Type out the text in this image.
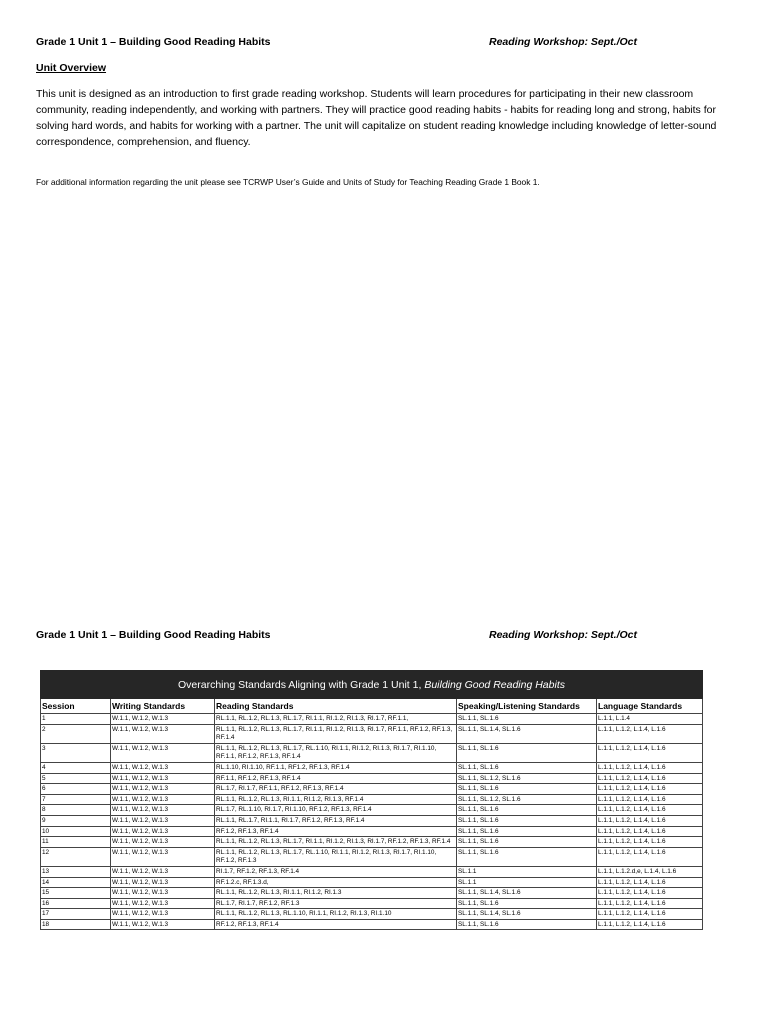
Grade 1 Unit 1 – Building Good Reading Habits	Reading Workshop: Sept./Oct
Unit Overview
This unit is designed as an introduction to first grade reading workshop. Students will learn procedures for participating in their new classroom community, reading independently, and working with partners. They will practice good reading habits - habits for reading long and strong, habits for solving hard words, and habits for working with a partner. The unit will capitalize on student reading knowledge including knowledge of letter-sound correspondence, comprehension, and fluency.
For additional information regarding the unit please see TCRWP User’s Guide and Units of Study for Teaching Reading Grade 1 Book 1.
Grade 1 Unit 1 – Building Good Reading Habits	Reading Workshop: Sept./Oct
Overarching Standards Aligning with Grade 1 Unit 1, Building Good Reading Habits				
Session	Writing Standards	Reading Standards	Speaking/Listening Standards	Language Standards
1	W.1.1, W.1.2, W.1.3	RL.1.1, RL.1.2, RL.1.3, RL.1.7, RI.1.1, RI.1.2, RI.1.3, RI.1.7, RF.1.1,	SL.1.1, SL.1.6	L.1.1, L.1.4
2	W.1.1, W.1.2, W.1.3	RL.1.1, RL.1.2, RL.1.3, RL.1.7, RI.1.1, RI.1.2, RI.1.3, RI.1.7, RF.1.1, RF.1.2, RF.1.3, RF.1.4	SL.1.1, SL.1.4, SL.1.6	L.1.1, L.1.2, L.1.4, L.1.6
3	W.1.1, W.1.2, W.1.3	RL.1.1, RL.1.2, RL.1.3, RL.1.7, RL.1.10, RI.1.1, RI.1.2, RI.1.3, RI.1.7, RI.1.10, RF.1.1, RF.1.2, RF.1.3, RF.1.4	SL.1.1, SL.1.6	L.1.1, L.1.2, L.1.4, L.1.6
4	W.1.1, W.1.2, W.1.3	RL.1.10, RI.1.10, RF.1.1, RF1.2, RF.1.3, RF.1.4	SL.1.1, SL.1.6	L.1.1, L.1.2, L.1.4, L.1.6
5	W.1.1, W.1.2, W.1.3	RF.1.1, RF.1.2, RF.1.3, RF.1.4	SL.1.1, SL.1.2, SL.1.6	L.1.1, L.1.2, L.1.4, L.1.6
6	W.1.1, W.1.2, W.1.3	RL.1.7, RI.1.7, RF.1.1, RF.1.2, RF.1.3, RF.1.4	SL.1.1, SL.1.6	L.1.1, L.1.2, L.1.4, L.1.6
7	W.1.1, W.1.2, W.1.3	RL.1.1, RL.1.2, RL.1.3, RI.1.1, RI.1.2, RI.1.3, RF.1.4	SL.1.1, SL.1.2, SL.1.6	L.1.1, L.1.2, L.1.4, L.1.6
8	W.1.1, W.1.2, W.1.3	RL.1.7, RL.1.10, RI.1.7, RI.1.10, RF.1.2, RF.1.3, RF.1.4	SL.1.1, SL.1.6	L.1.1, L.1.2, L.1.4, L.1.6
9	W.1.1, W.1.2, W.1.3	RL.1.1, RL.1.7, RI.1.1, RI.1.7, RF.1.2, RF.1.3, RF.1.4	SL.1.1, SL.1.6	L.1.1, L.1.2, L.1.4, L.1.6
10	W.1.1, W.1.2, W.1.3	RF.1.2, RF.1.3, RF.1.4	SL.1.1, SL.1.6	L.1.1, L.1.2, L.1.4, L.1.6
11	W.1.1, W.1.2, W.1.3	RL.1.1, RL.1.2, RL.1.3, RL.1.7, RI.1.1, RI.1.2, RI.1.3, RI.1.7, RF.1.2, RF.1.3, RF.1.4	SL.1.1, SL.1.6	L.1.1, L.1.2, L.1.4, L.1.6
12	W.1.1, W.1.2, W.1.3	RL.1.1, RL.1.2, RL.1.3, RL.1.7, RL.1.10, RI.1.1, RI.1.2, RI.1.3, RI.1.7, RI.1.10, RF.1.2, RF.1.3	SL.1.1, SL.1.6	L.1.1, L.1.2, L.1.4, L.1.6
13	W.1.1, W.1.2, W.1.3	RI.1.7, RF.1.2, RF.1.3, RF.1.4	SL.1.1	L.1.1, L.1.2.d,e, L.1.4, L.1.6
14	W.1.1, W.1.2, W.1.3	RF.1.2.c, RF.1.3.d,	SL.1.1	L.1.1, L.1.2, L.1.4, L.1.6
15	W.1.1, W.1.2, W.1.3	RL.1.1, RL.1.2, RL.1.3, RI.1.1, RI.1.2, RI.1.3	SL.1.1, SL.1.4, SL.1.6	L.1.1, L.1.2, L.1.4, L.1.6
16	W.1.1, W.1.2, W.1.3	RL.1.7, RI.1.7, RF.1.2, RF.1.3	SL.1.1, SL.1.6	L.1.1, L.1.2, L.1.4, L.1.6
17	W.1.1, W.1.2, W.1.3	RL.1.1, RL.1.2, RL.1.3, RL.1.10, RI.1.1, RI.1.2, RI.1.3, RI.1.10	SL.1.1, SL.1.4, SL.1.6	L.1.1, L.1.2, L.1.4, L.1.6
18	W.1.1, W.1.2, W.1.3	RF.1.2, RF.1.3, RF.1.4	SL.1.1, SL.1.6	L.1.1, L.1.2, L.1.4, L.1.6
